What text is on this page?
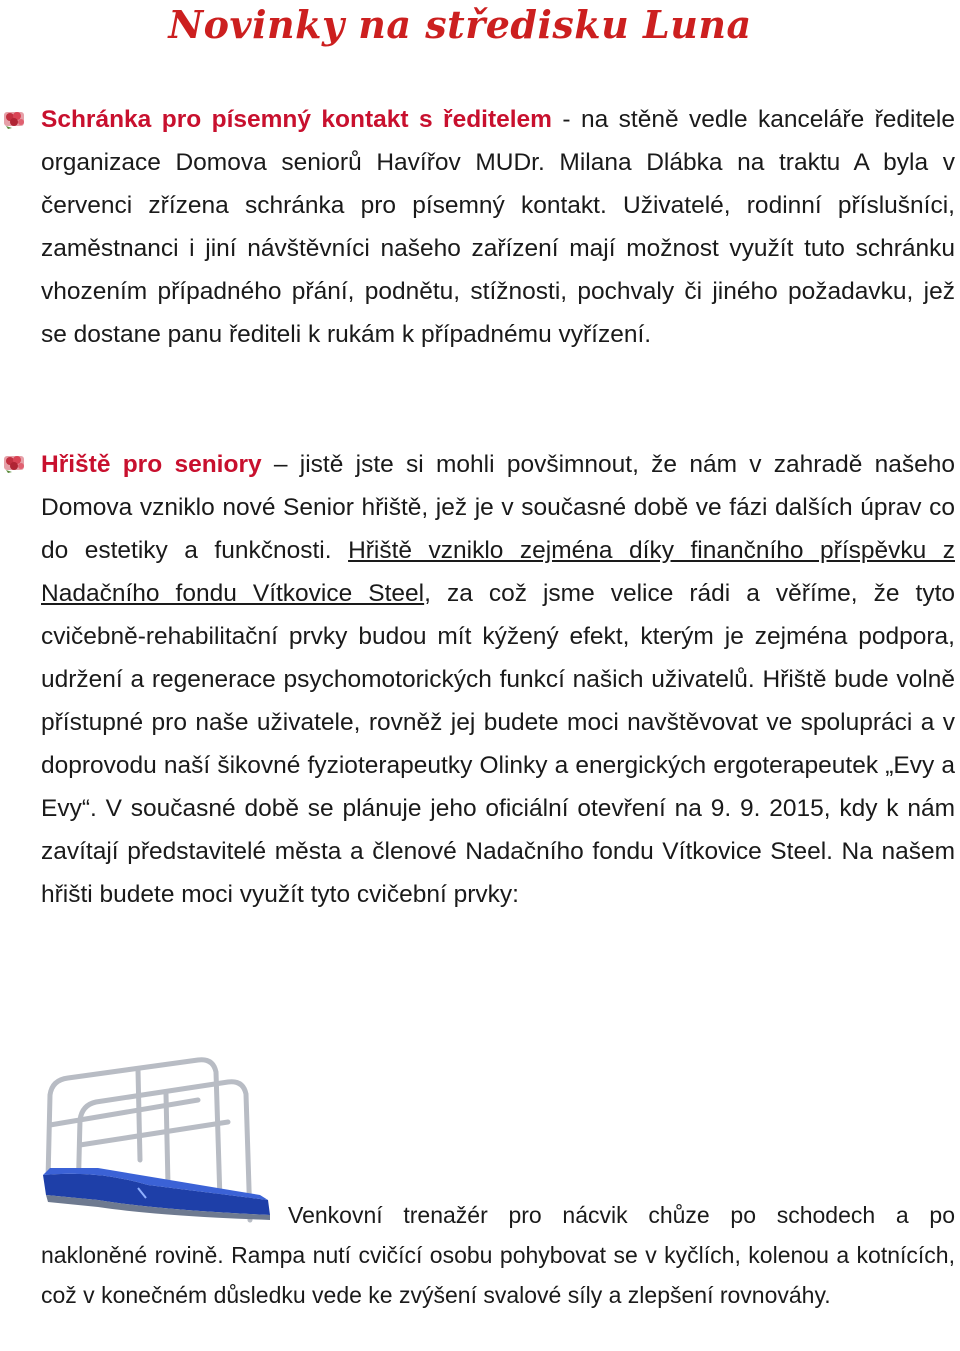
Novinky na středisku Luna
Schránka pro písemný kontakt s ředitelem - na stěně vedle kanceláře ředitele organizace Domova seniorů Havířov MUDr. Milana Dlábka na traktu A byla v červenci zřízena schránka pro písemný kontakt. Uživatelé, rodinní příslušníci, zaměstnanci i jiní návštěvníci našeho zařízení mají možnost využít tuto schránku vhozením případného přání, podnětu, stížnosti, pochvaly či jiného požadavku, jež se dostane panu řediteli k rukám k případnému vyřízení.
Hřiště pro seniory – jistě jste si mohli povšimnout, že nám v zahradě našeho Domova vzniklo nové Senior hřiště, jež je v současné době ve fázi dalších úprav co do estetiky a funkčnosti. Hřiště vzniklo zejména díky finančního příspěvku z Nadačního fondu Vítkovice Steel, za což jsme velice rádi a věříme, že tyto cvičebně-rehabilitační prvky budou mít kýžený efekt, kterým je zejména podpora, udržení a regenerace psychomotorických funkcí našich uživatelů. Hřiště bude volně přístupné pro naše uživatele, rovněž jej budete moci navštěvovat ve spolupráci a v doprovodu naší šikovné fyzioterapeutky Olinky a energických ergoterapeutek „Evy a Evy“. V současné době se plánuje jeho oficiální otevření na 9. 9. 2015, kdy k nám zavítají představitelé města a členové Nadačního fondu Vítkovice Steel. Na našem hřišti budete moci využít tyto cvičební prvky:
Venkovní trenažér pro nácvik chůze po schodech a po
nakloněné rovině. Rampa nutí cvičící osobu pohybovat se v kyčlích, kolenou a kotnících, což v konečném důsledku vede ke zvýšení svalové síly a zlepšení rovnováhy.
